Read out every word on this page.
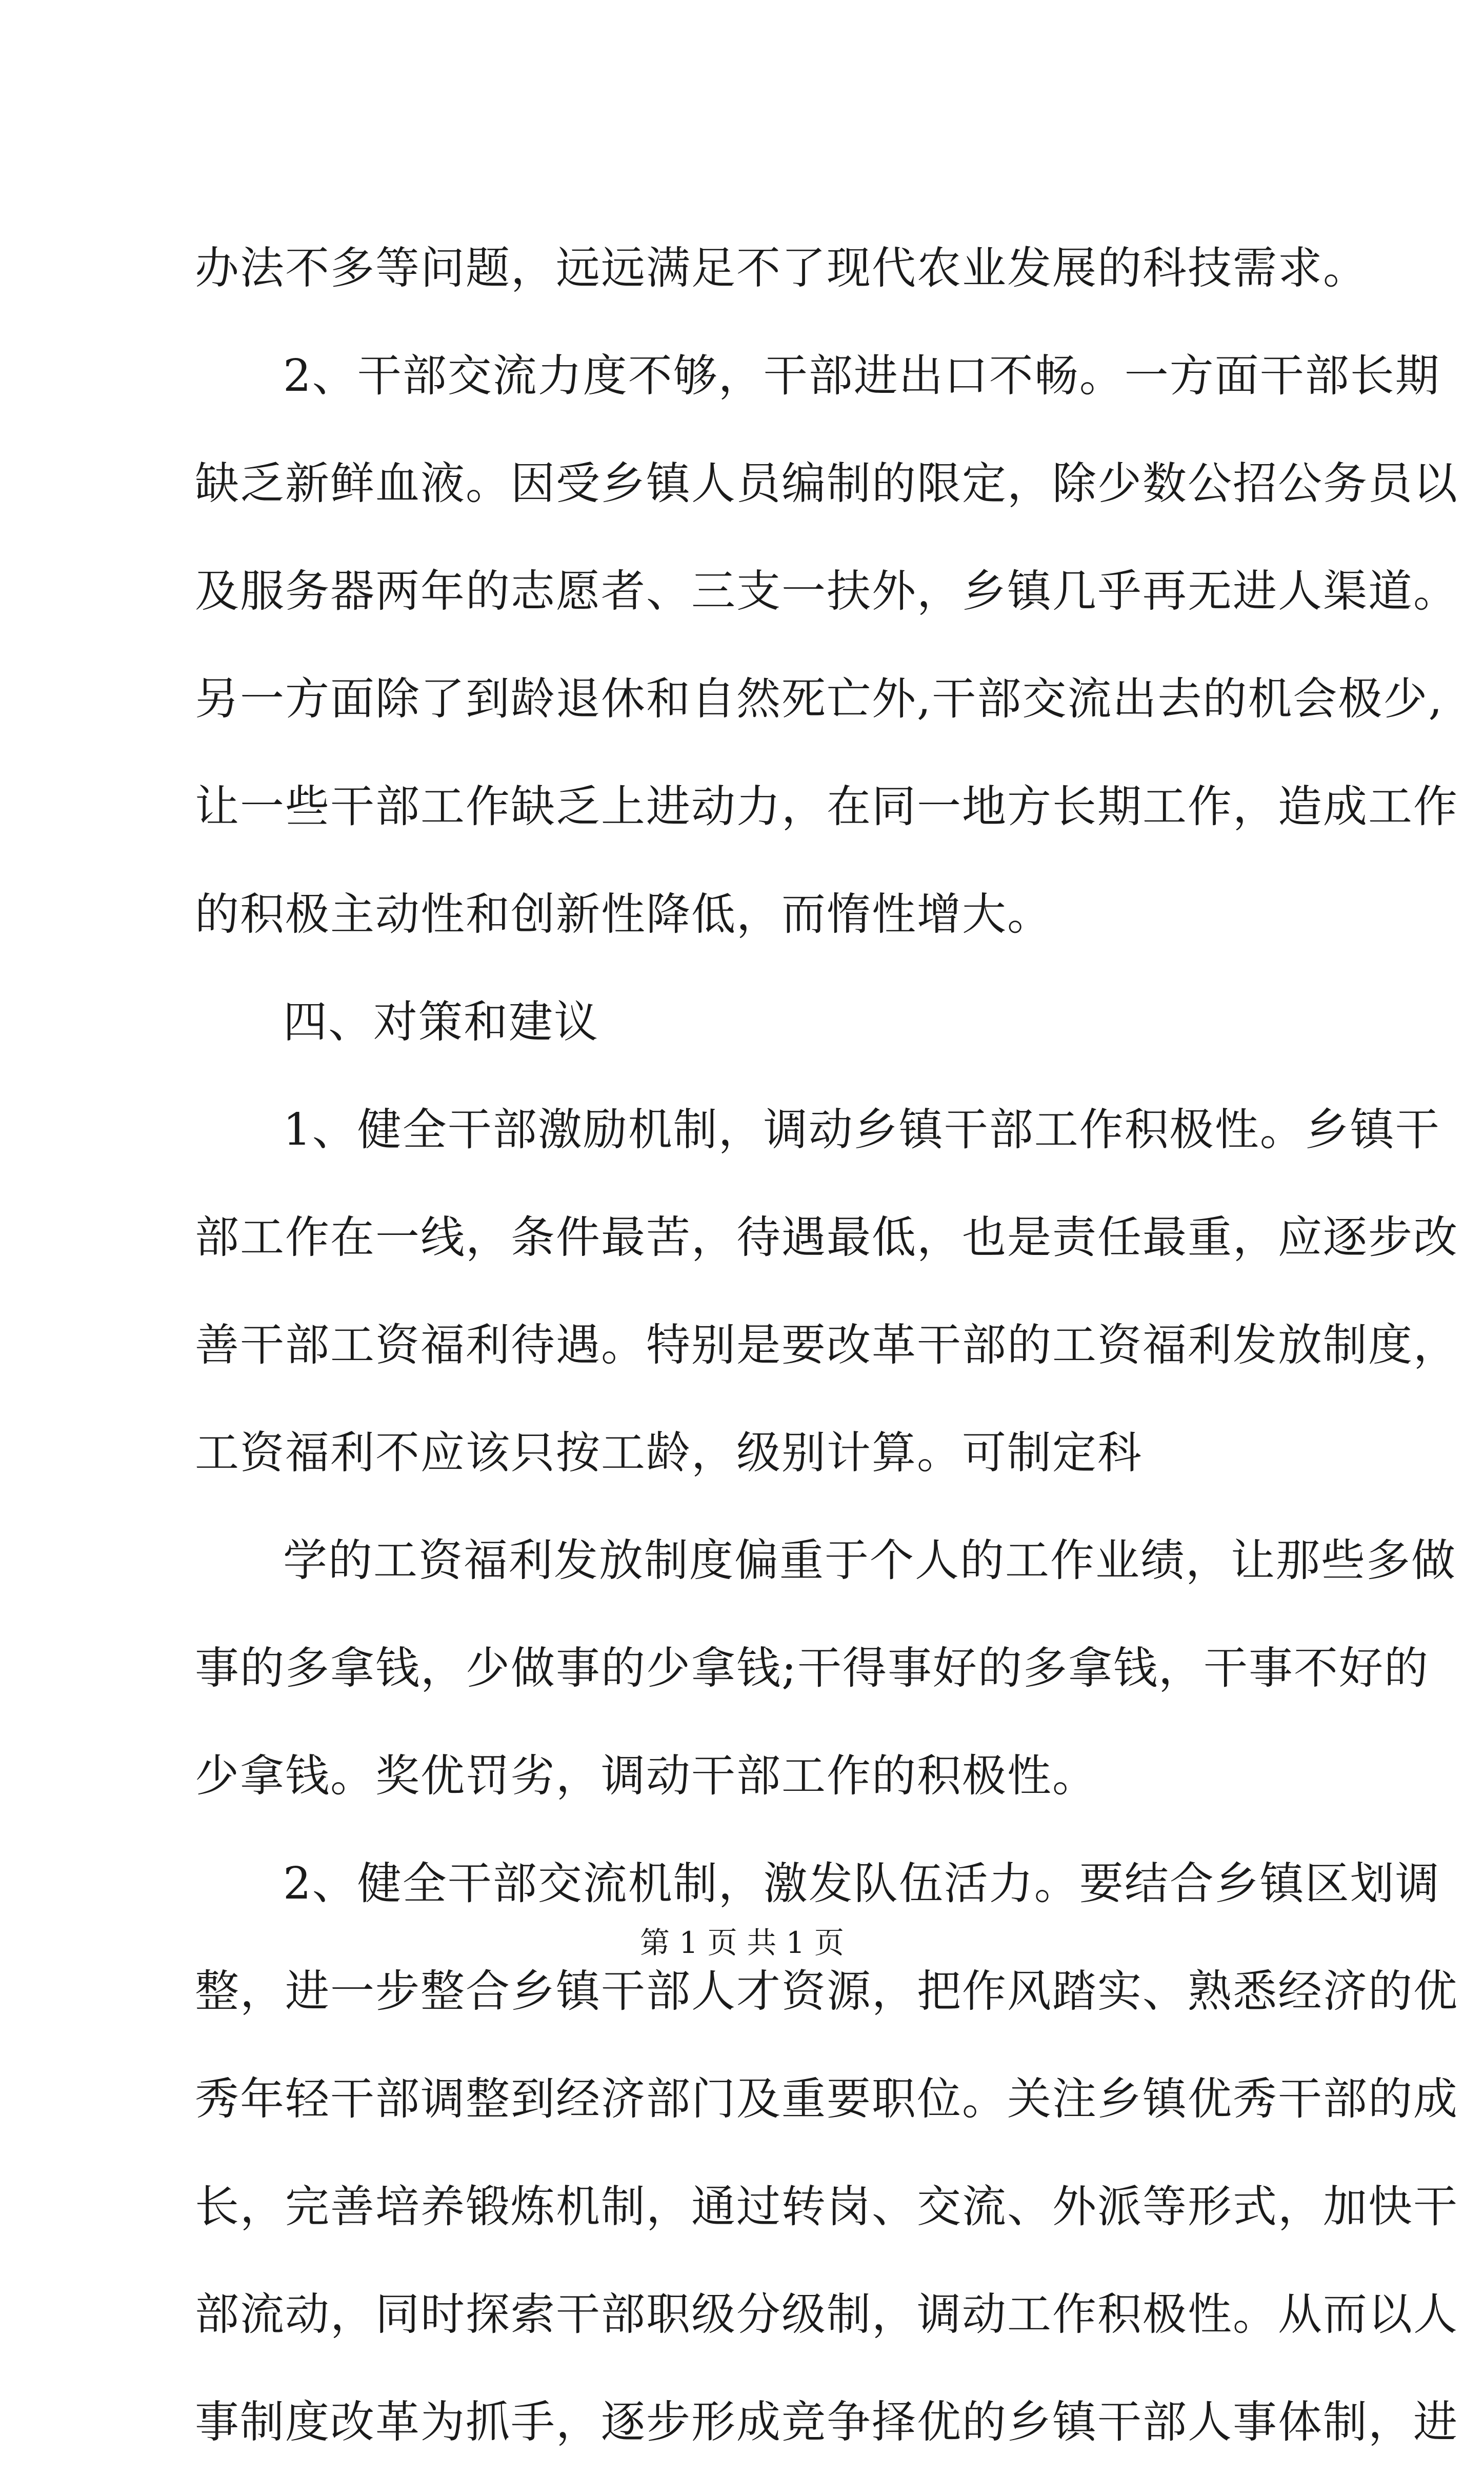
办法不多等问题，远远满足不了现代农业发展的科技需求。
2、干部交流力度不够，干部进出口不畅。一方面干部长期
缺乏新鲜血液。因受乡镇人员编制的限定，除少数公招公务员以
及服务器两年的志愿者、三支一扶外，乡镇几乎再无进人渠道。
另一方面除了到龄退休和自然死亡外,干部交流出去的机会极少,
让一些干部工作缺乏上进动力，在同一地方长期工作，造成工作
的积极主动性和创新性降低，而惰性增大。
四、对策和建议
1、健全干部激励机制，调动乡镇干部工作积极性。乡镇干
部工作在一线，条件最苦，待遇最低，也是责任最重，应逐步改
善干部工资福利待遇。特别是要改革干部的工资福利发放制度，
工资福利不应该只按工龄，级别计算。可制定科
学的工资福利发放制度偏重于个人的工作业绩，让那些多做
事的多拿钱，少做事的少拿钱;干得事好的多拿钱，干事不好的
少拿钱。奖优罚劣，调动干部工作的积极性。
2、健全干部交流机制，激发队伍活力。要结合乡镇区划调
整，进一步整合乡镇干部人才资源，把作风踏实、熟悉经济的优
秀年轻干部调整到经济部门及重要职位。关注乡镇优秀干部的成
长，完善培养锻炼机制，通过转岗、交流、外派等形式，加快干
部流动，同时探索干部职级分级制，调动工作积极性。从而以人
事制度改革为抓手，逐步形成竞争择优的乡镇干部人事体制，进
第 1 页 共 1 页
